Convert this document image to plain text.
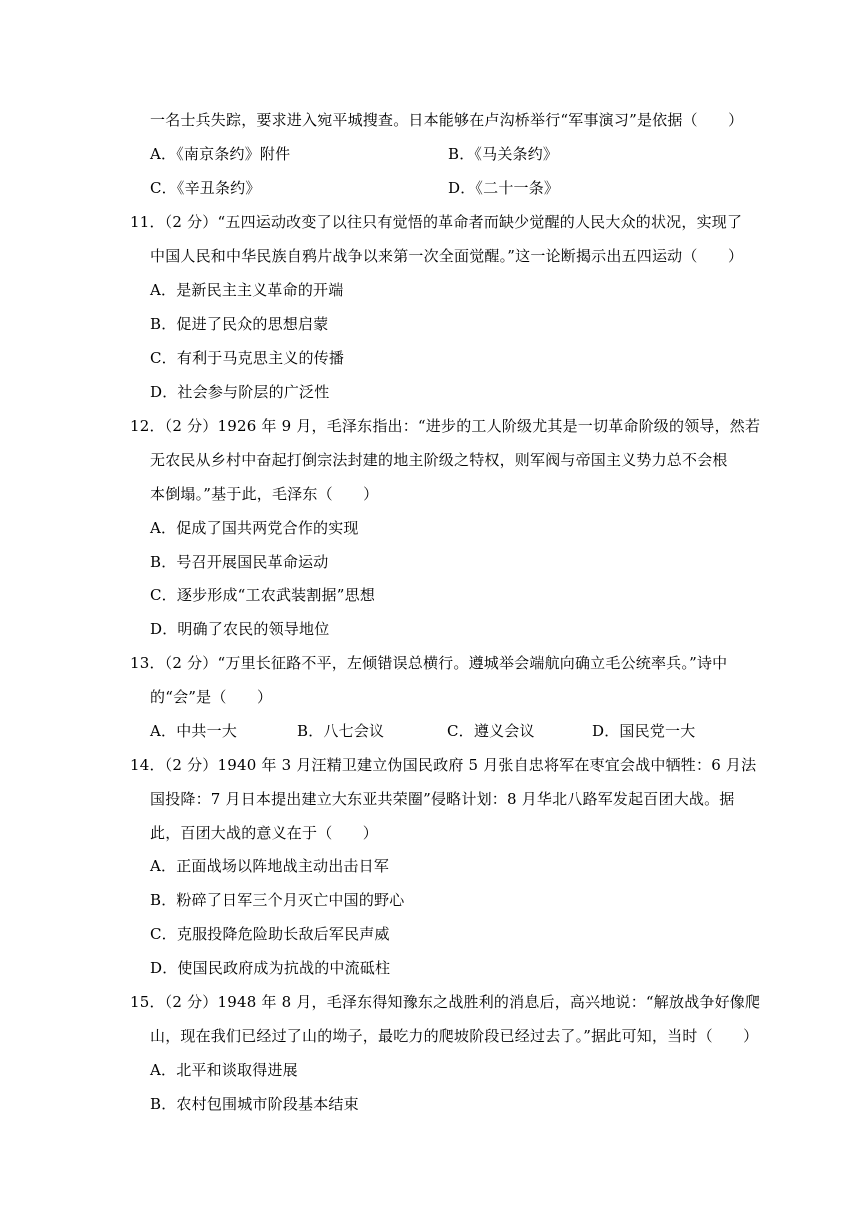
一名士兵失踪，要求进入宛平城搜查。日本能够在卢沟桥举行“军事演习”是依据（　　）
A．《南京条约》附件	B．《马关条约》
C．《辛丑条约》	D．《二十一条》
11．（2 分）“五四运动改变了以往只有觉悟的革命者而缺少觉醒的人民大众的状况，实现了
中国人民和中华民族自鸦片战争以来第一次全面觉醒。”这一论断揭示出五四运动（　　）
A．是新民主主义革命的开端
B．促进了民众的思想启蒙
C．有利于马克思主义的传播
D．社会参与阶层的广泛性
12．（2 分）1926 年 9 月，毛泽东指出：“进步的工人阶级尤其是一切革命阶级的领导，然若
无农民从乡村中奋起打倒宗法封建的地主阶级之特权，则军阀与帝国主义势力总不会根
本倒塌。”基于此，毛泽东（　　）
A．促成了国共两党合作的实现
B．号召开展国民革命运动
C．逐步形成“工农武装割据”思想
D．明确了农民的领导地位
13．（2 分）“万里长征路不平，左倾错误总横行。遵城举会端航向确立毛公统率兵。”诗中
的“会”是（　　）
A．中共一大	B．八七会议	C．遵义会议	D．国民党一大
14．（2 分）1940 年 3 月汪精卫建立伪国民政府 5 月张自忠将军在枣宜会战中牺牲：6 月法
国投降：7 月日本提出建立大东亚共荣圈”侵略计划：8 月华北八路军发起百团大战。据
此，百团大战的意义在于（　　）
A．正面战场以阵地战主动出击日军
B．粉碎了日军三个月灭亡中国的野心
C．克服投降危险助长敌后军民声威
D．使国民政府成为抗战的中流砥柱
15．（2 分）1948 年 8 月，毛泽东得知豫东之战胜利的消息后，高兴地说：“解放战争好像爬
山，现在我们已经过了山的坳子，最吃力的爬坡阶段已经过去了。”据此可知，当时（　　）
A．北平和谈取得进展
B．农村包围城市阶段基本结束
